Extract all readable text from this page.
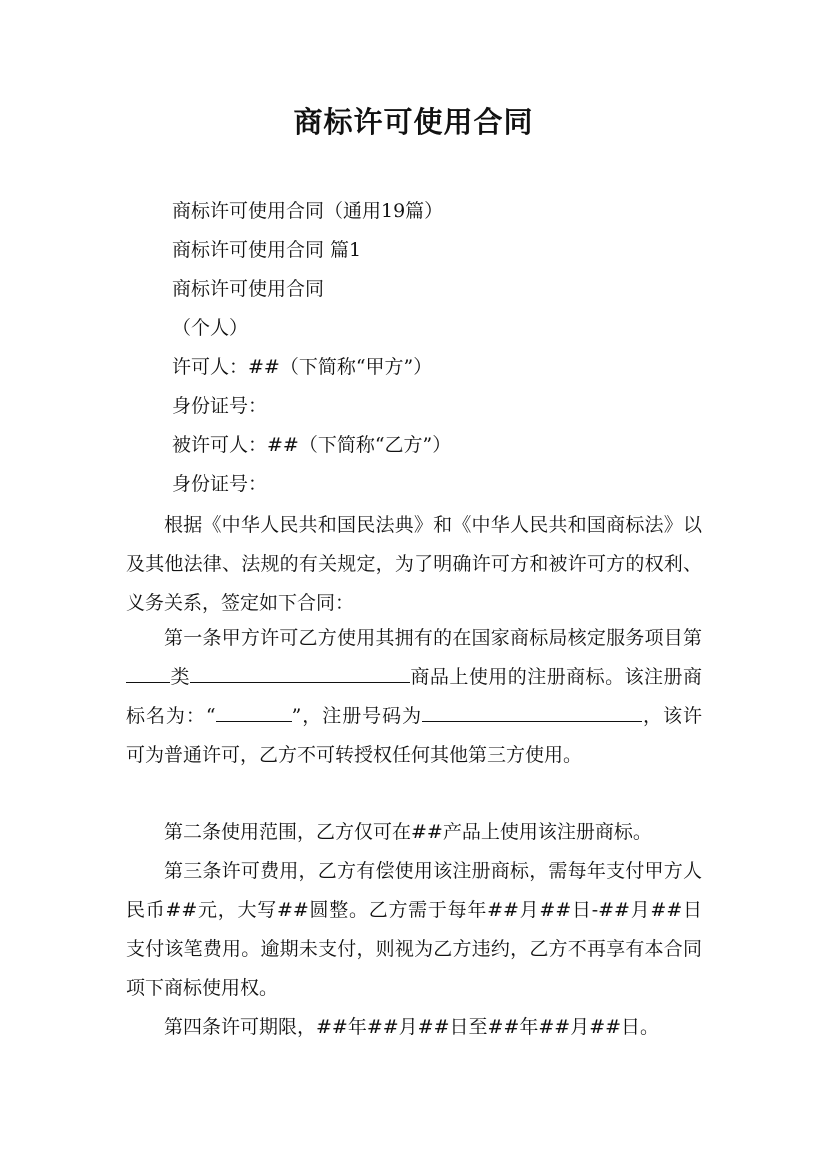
商标许可使用合同

商标许可使用合同（通用19篇）

商标许可使用合同 篇1

商标许可使用合同

（个人）

许可人：##（下简称“甲方”）

身份证号：

被许可人：##（下简称“乙方”）

身份证号：

根据《中华人民共和国民法典》和《中华人民共和国商标法》以及其他法律、法规的有关规定，为了明确许可方和被许可方的权利、义务关系，签定如下合同：

第一条甲方许可乙方使用其拥有的在国家商标局核定服务项目第类	商品上使用的注册商标。该注册商标名为：“	”，注册号码为	，该许可为普通许可，乙方不可转授权任何其他第三方使用。

第二条使用范围，乙方仅可在##产品上使用该注册商标。

第三条许可费用，乙方有偿使用该注册商标，需每年支付甲方人民币##元，大写##圆整。乙方需于每年##月##日-##月##日支付该笔费用。逾期未支付，则视为乙方违约，乙方不再享有本合同项下商标使用权。

第四条许可期限，##年##月##日至##年##月##日。
